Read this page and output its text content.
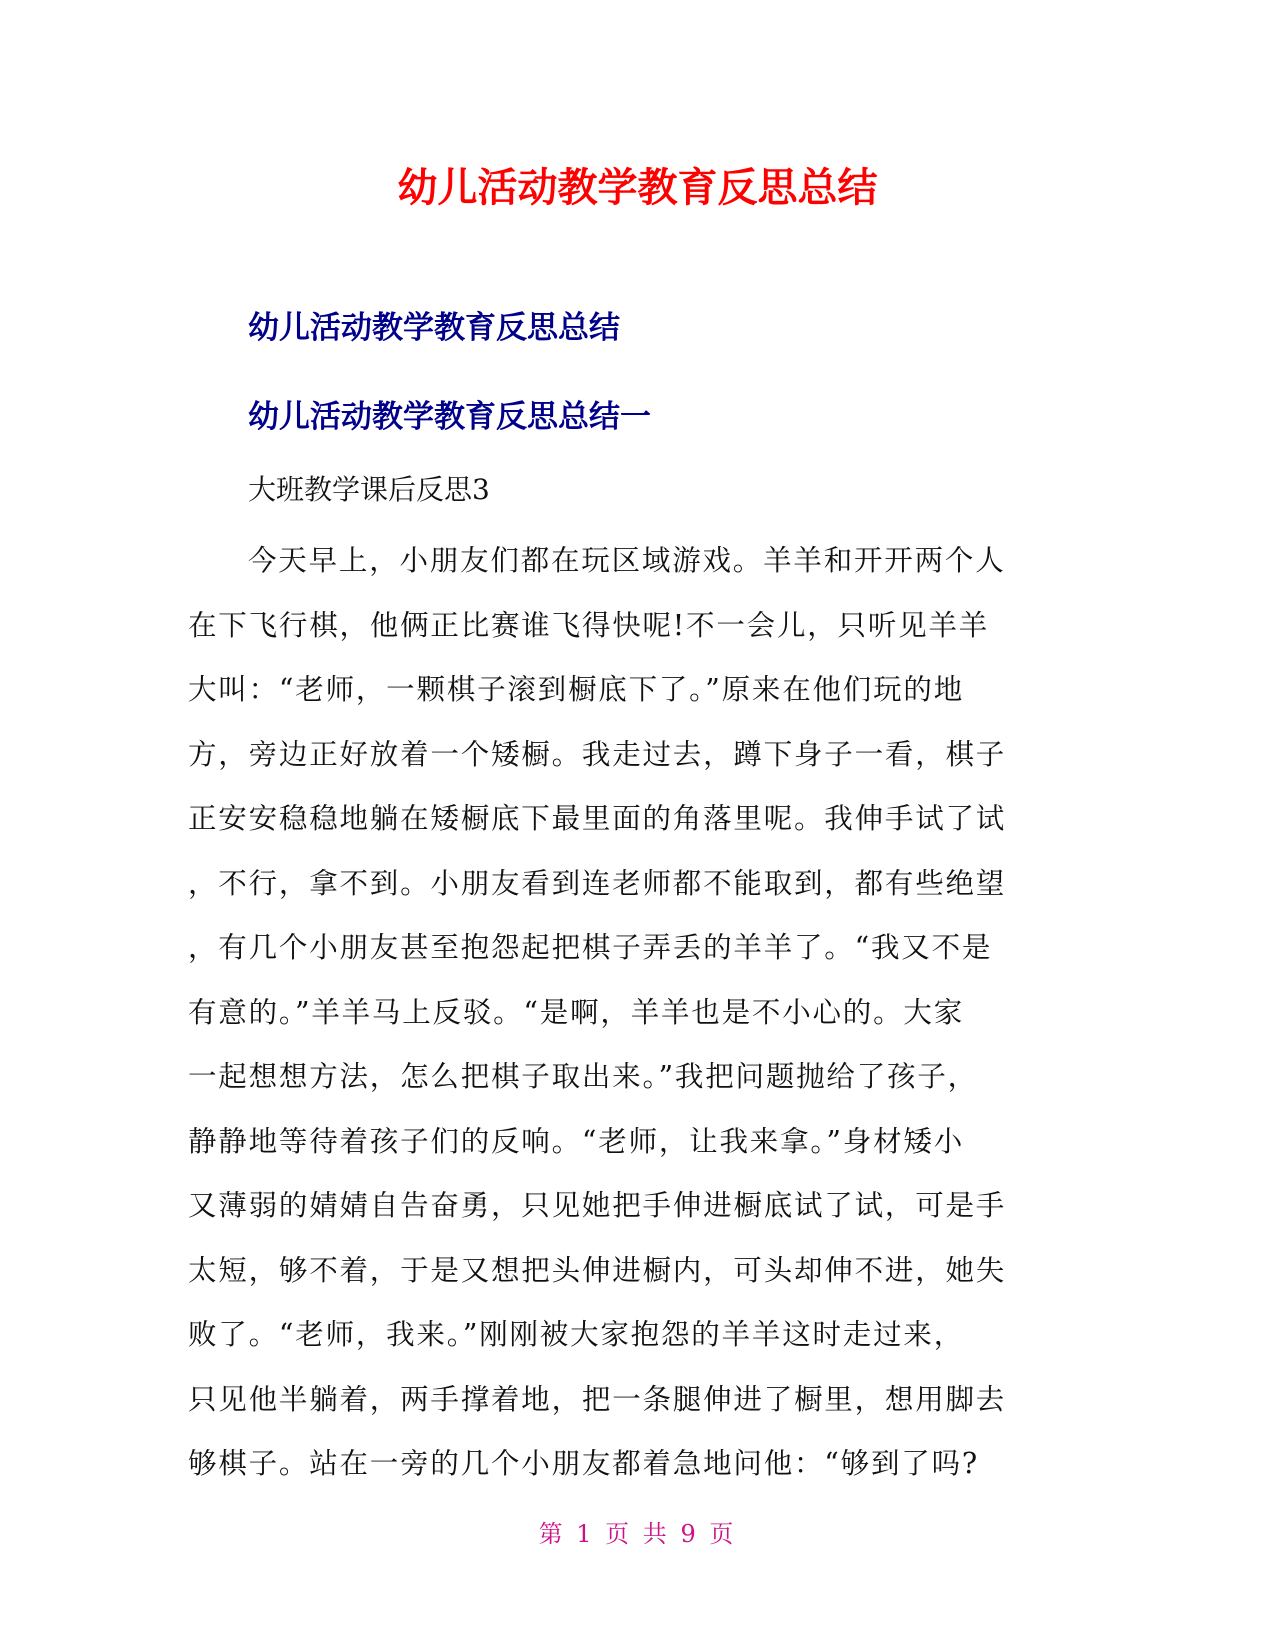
幼儿活动教学教育反思总结
幼儿活动教学教育反思总结
幼儿活动教学教育反思总结一
大班教学课后反思3
今天早上，小朋友们都在玩区域游戏。羊羊和开开两个人
在下飞行棋，他俩正比赛谁飞得快呢!不一会儿，只听见羊羊
大叫：“老师，一颗棋子滚到橱底下了。”原来在他们玩的地
方，旁边正好放着一个矮橱。我走过去，蹲下身子一看，棋子
正安安稳稳地躺在矮橱底下最里面的角落里呢。我伸手试了试
，不行，拿不到。小朋友看到连老师都不能取到，都有些绝望
，有几个小朋友甚至抱怨起把棋子弄丢的羊羊了。“我又不是
有意的。”羊羊马上反驳。“是啊，羊羊也是不小心的。大家
一起想想方法，怎么把棋子取出来。”我把问题抛给了孩子，
静静地等待着孩子们的反响。“老师，让我来拿。”身材矮小
又薄弱的婧婧自告奋勇，只见她把手伸进橱底试了试，可是手
太短，够不着，于是又想把头伸进橱内，可头却伸不进，她失
败了。“老师，我来。”刚刚被大家抱怨的羊羊这时走过来，
只见他半躺着，两手撑着地，把一条腿伸进了橱里，想用脚去
够棋子。站在一旁的几个小朋友都着急地问他：“够到了吗?
第 1 页 共 9 页
